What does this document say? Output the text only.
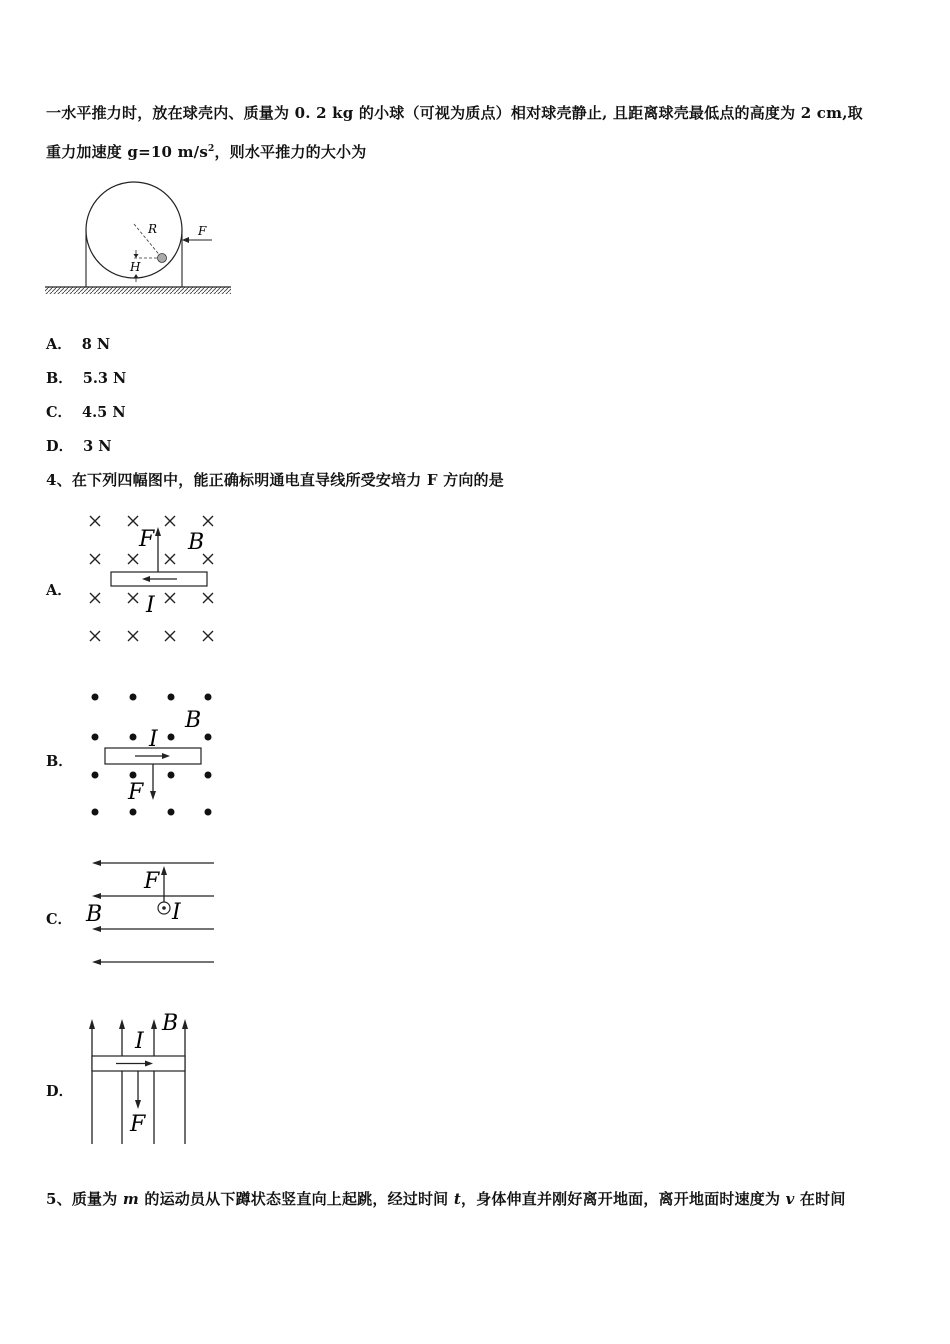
一水平推力时，放在球壳内、质量为 0. 2 kg 的小球（可视为质点）相对球壳静止, 且距离球壳最低点的高度为 2 cm,取
重力加速度 g=10 $m/s^2$，则水平推力的大小为
R
H
F
A． 8 N
B． 5.3 N
C． 4.5 N
D． 3 N
4、在下列四幅图中，能正确标明通电直导线所受安培力 F 方向的是
A．
F B
I
B．
B
I
F
C．
F
B	I
D．
I
B
F
5、质量为 m 的运动员从下蹲状态竖直向上起跳，经过时间 t，身体伸直并刚好离开地面，离开地面时速度为 v 在时间
